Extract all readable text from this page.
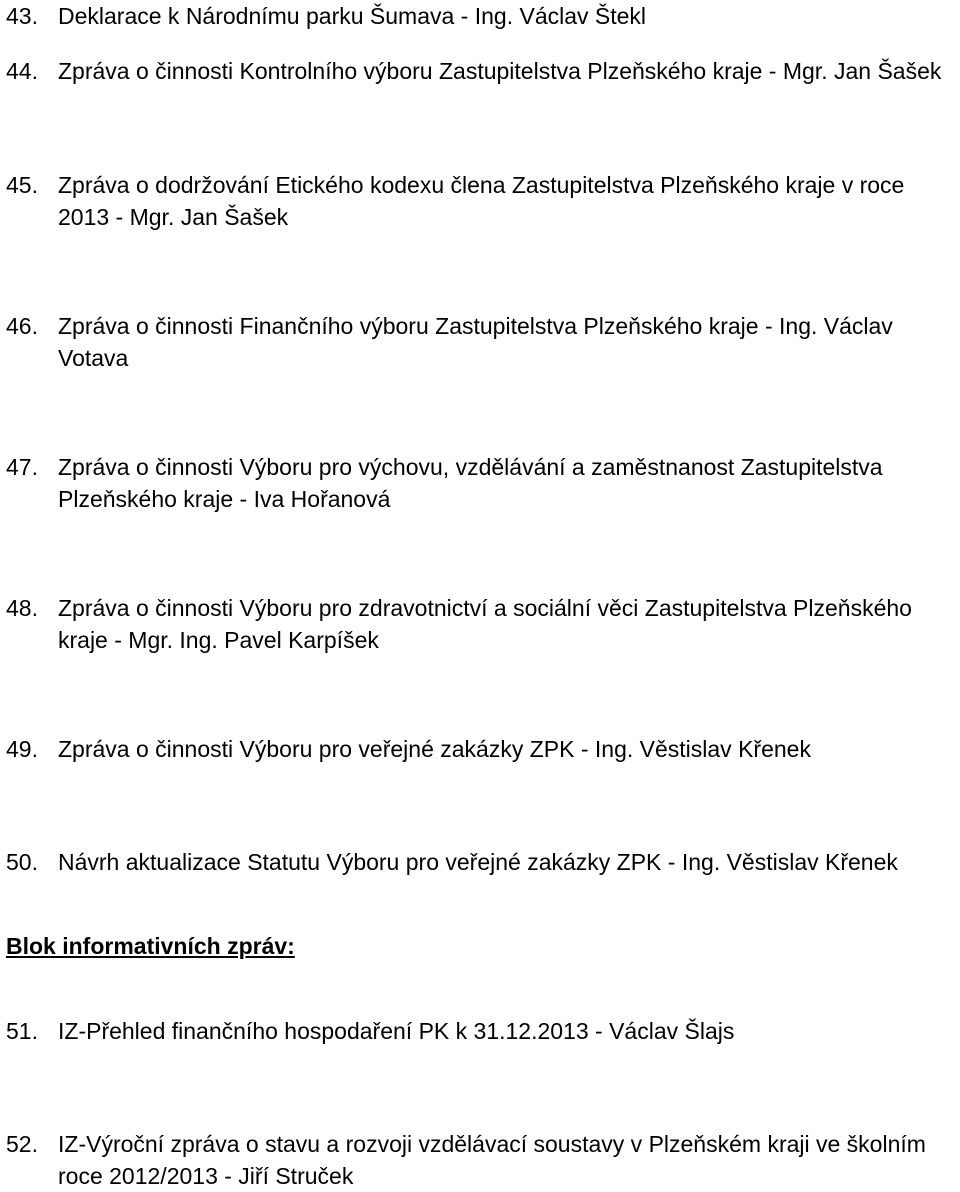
43. Deklarace k Národnímu parku Šumava - Ing. Václav Štekl
44. Zpráva o činnosti Kontrolního výboru Zastupitelstva Plzeňského kraje - Mgr. Jan Šašek
45. Zpráva o dodržování Etického kodexu člena Zastupitelstva Plzeňského kraje v roce 2013 - Mgr. Jan Šašek
46. Zpráva o činnosti Finančního výboru Zastupitelstva Plzeňského kraje - Ing. Václav Votava
47. Zpráva o činnosti Výboru pro výchovu, vzdělávání a zaměstnanost Zastupitelstva Plzeňského kraje - Iva Hořanová
48. Zpráva o činnosti Výboru pro zdravotnictví a sociální věci Zastupitelstva Plzeňského kraje - Mgr. Ing. Pavel Karpíšek
49. Zpráva o činnosti Výboru pro veřejné zakázky ZPK - Ing. Věstislav Křenek
50. Návrh aktualizace Statutu Výboru pro veřejné zakázky ZPK - Ing. Věstislav Křenek
Blok informativních zpráv:
51. IZ-Přehled finančního hospodaření PK k 31.12.2013 - Václav Šlajs
52. IZ-Výroční zpráva o stavu a rozvoji vzdělávací soustavy v Plzeňském kraji ve školním roce 2012/2013 - Jiří Struček
